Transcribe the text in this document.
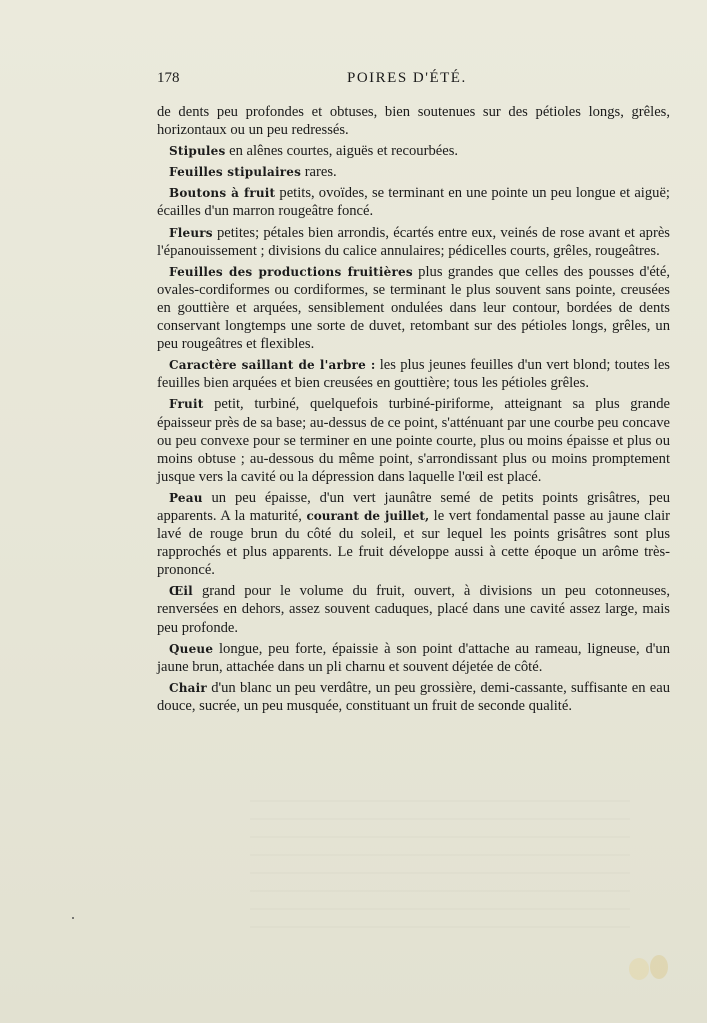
178	POIRES D'ÉTÉ.

de dents peu profondes et obtuses, bien soutenues sur des pétioles longs, grêles, horizontaux ou un peu redressés.

Stipules en alênes courtes, aiguës et recourbées.

Feuilles stipulaires rares.

Boutons à fruit petits, ovoïdes, se terminant en une pointe un peu longue et aiguë; écailles d'un marron rougeâtre foncé.

Fleurs petites; pétales bien arrondis, écartés entre eux, veinés de rose avant et après l'épanouissement ; divisions du calice annulaires; pédicelles courts, grêles, rougeâtres.

Feuilles des productions fruitières plus grandes que celles des pousses d'été, ovales-cordiformes ou cordiformes, se terminant le plus souvent sans pointe, creusées en gouttière et arquées, sensiblement ondulées dans leur contour, bordées de dents conservant longtemps une sorte de duvet, retombant sur des pétioles longs, grêles, un peu rougeâtres et flexibles.

Caractère saillant de l'arbre : les plus jeunes feuilles d'un vert blond; toutes les feuilles bien arquées et bien creusées en gouttière; tous les pétioles grêles.

Fruit petit, turbiné, quelquefois turbiné-piriforme, atteignant sa plus grande épaisseur près de sa base; au-dessus de ce point, s'atténuant par une courbe peu concave ou peu convexe pour se terminer en une pointe courte, plus ou moins épaisse et plus ou moins obtuse ; au-dessous du même point, s'arrondissant plus ou moins promptement jusque vers la cavité ou la dépression dans laquelle l'œil est placé.

Peau un peu épaisse, d'un vert jaunâtre semé de petits points grisâtres, peu apparents. A la maturité, courant de juillet, le vert fondamental passe au jaune clair lavé de rouge brun du côté du soleil, et sur lequel les points grisâtres sont plus rapprochés et plus apparents. Le fruit développe aussi à cette époque un arôme très-prononcé.

Œil grand pour le volume du fruit, ouvert, à divisions un peu cotonneuses, renversées en dehors, assez souvent caduques, placé dans une cavité assez large, mais peu profonde.

Queue longue, peu forte, épaissie à son point d'attache au rameau, ligneuse, d'un jaune brun, attachée dans un pli charnu et souvent déjetée de côté.

Chair d'un blanc un peu verdâtre, un peu grossière, demi-cassante, suffisante en eau douce, sucrée, un peu musquée, constituant un fruit de seconde qualité.
